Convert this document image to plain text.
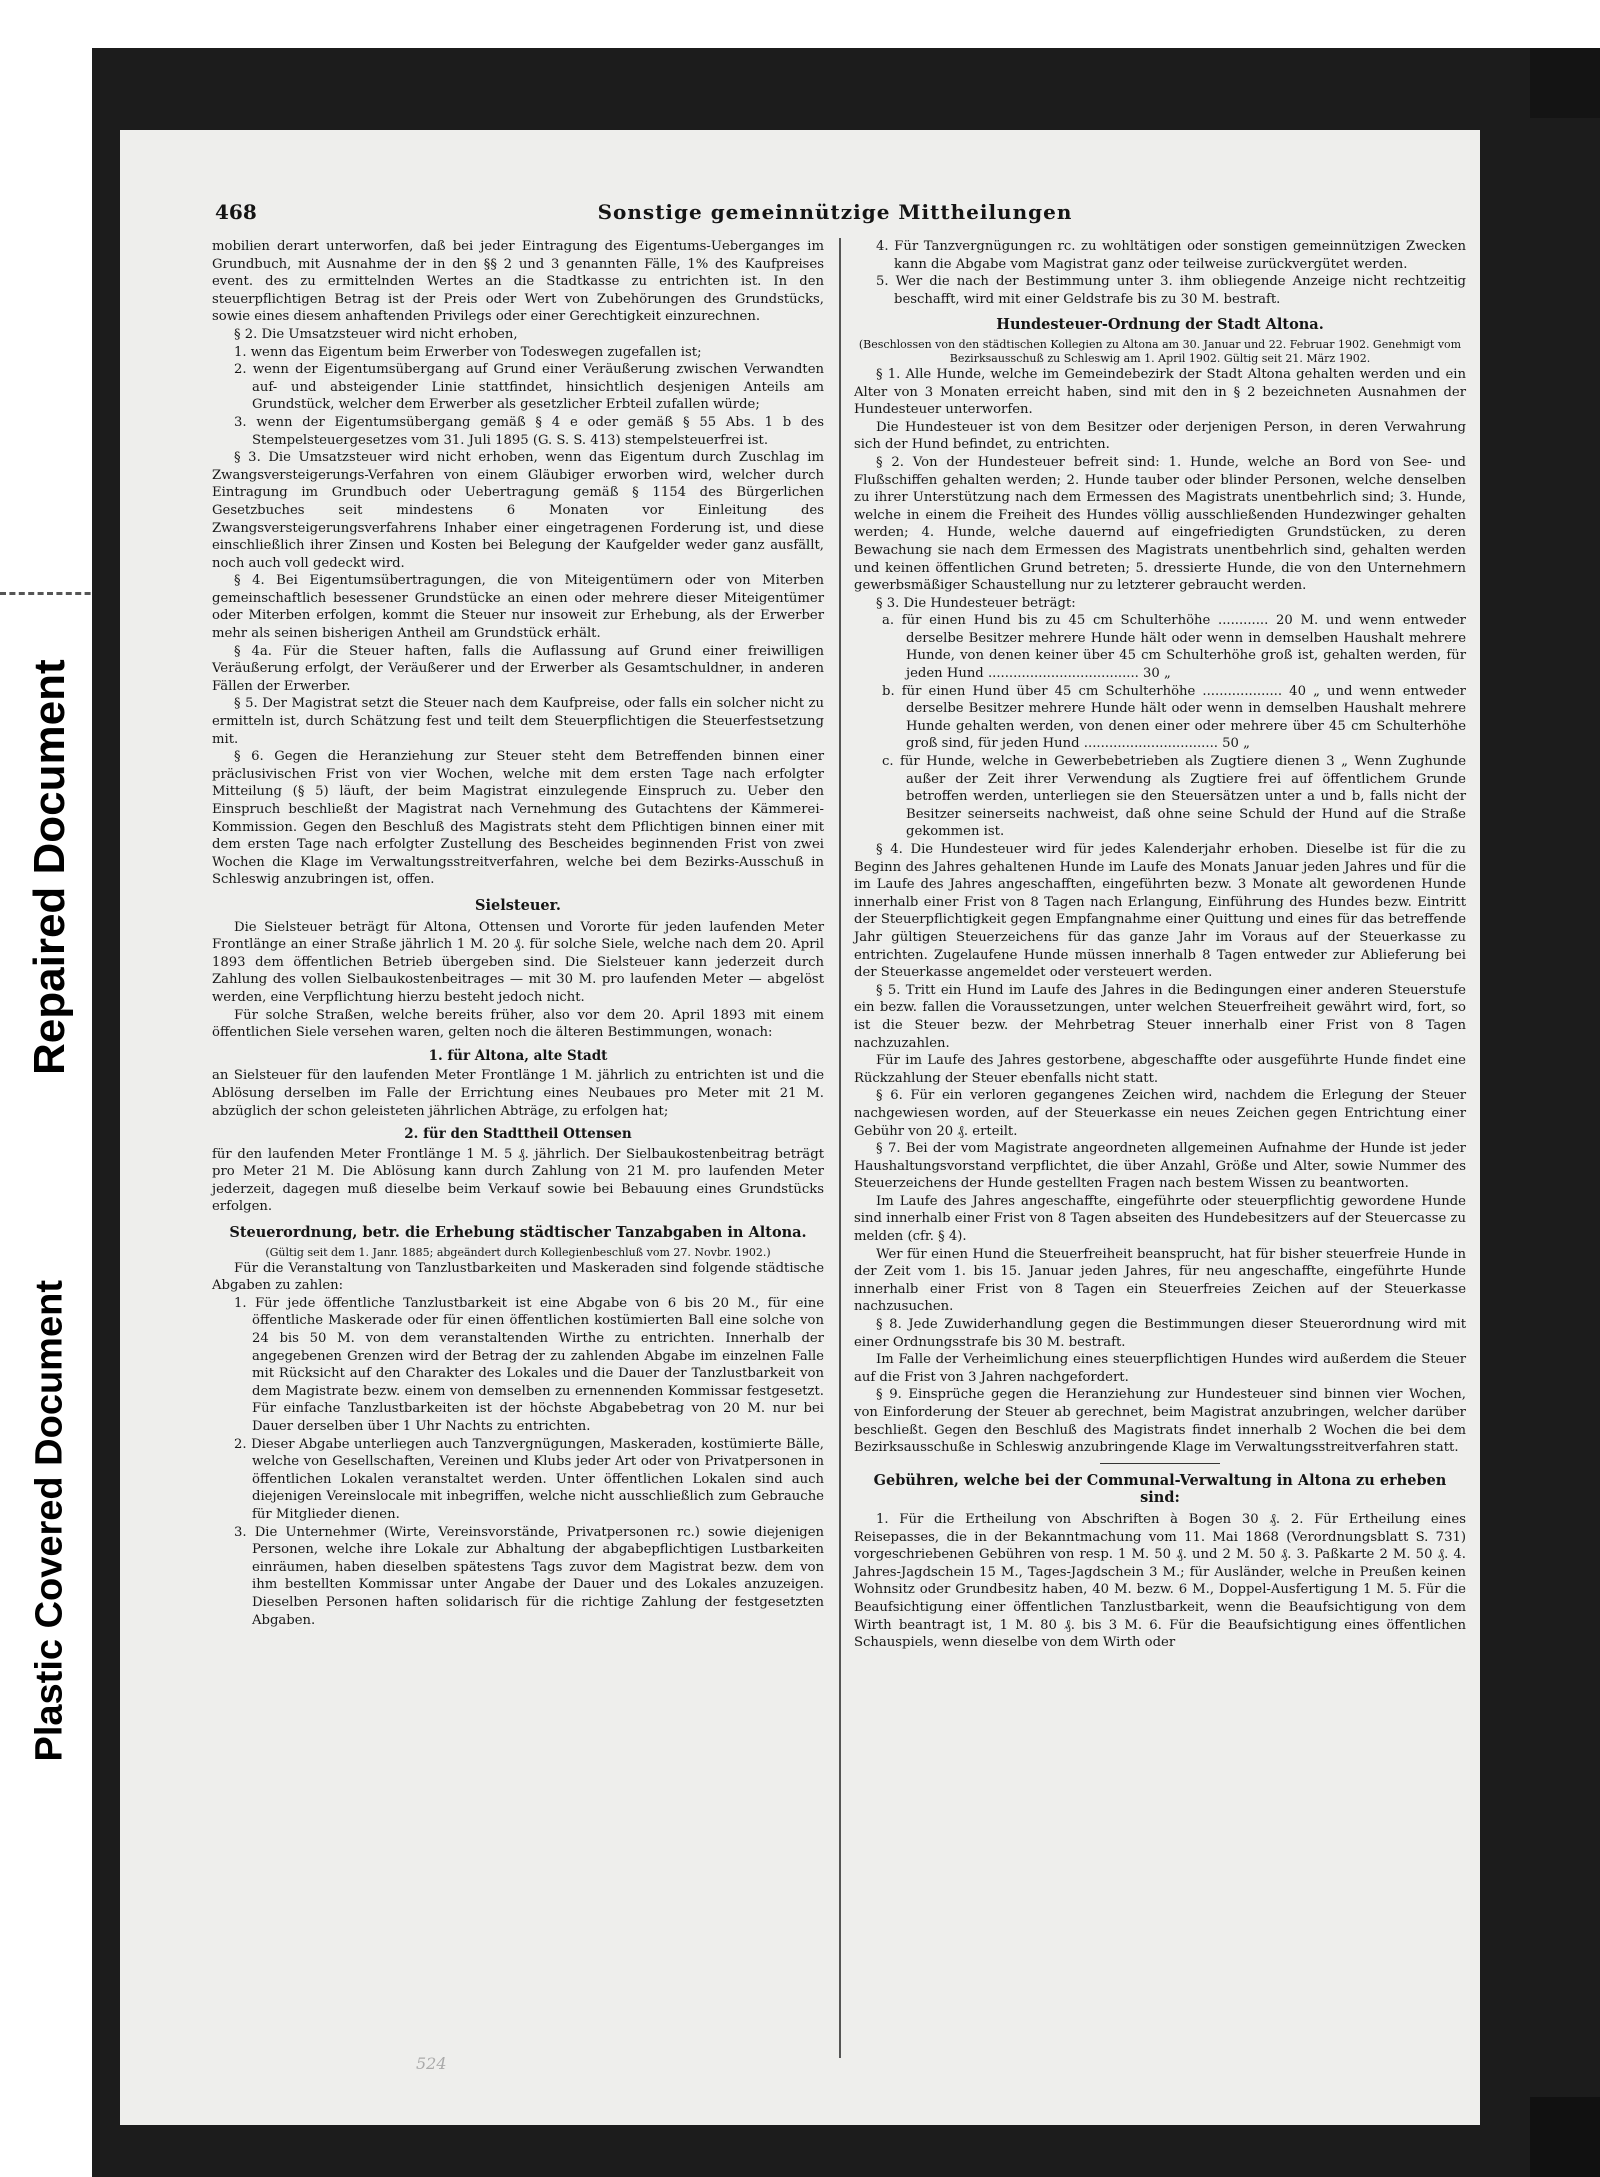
Repaired Document
Plastic Covered Document
Sonstige gemeinnützige Mittheilungen
468

mobilien derart unterworfen, daß bei jeder Eintragung des Eigentums-Ueberganges im Grundbuch, mit Ausnahme der in den §§ 2 und 3 genannten Fälle, 1% des Kaufpreises event. des zu ermittelnden Wertes an die Stadtkasse zu entrichten ist. In den steuerpflichtigen Betrag ist der Preis oder Wert von Zubehörungen des Grundstücks, sowie eines diesem anhaftenden Privilegs oder einer Gerechtigkeit einzurechnen.

§ 2. Die Umsatzsteuer wird nicht erhoben,

1. wenn das Eigentum beim Erwerber von Todeswegen zugefallen ist;

2. wenn der Eigentumsübergang auf Grund einer Veräußerung zwischen Verwandten auf- und absteigender Linie stattfindet, hinsichtlich desjenigen Anteils am Grundstück, welcher dem Erwerber als gesetzlicher Erbteil zufallen würde;

3. wenn der Eigentumsübergang gemäß § 4 e oder gemäß § 55 Abs. 1 b des Stempelsteuergesetzes vom 31. Juli 1895 (G. S. S. 413) stempelsteuerfrei ist.

§ 3. Die Umsatzsteuer wird nicht erhoben, wenn das Eigentum durch Zuschlag im Zwangsversteigerungs-Verfahren von einem Gläubiger erworben wird, welcher durch Eintragung im Grundbuch oder Uebertragung gemäß § 1154 des Bürgerlichen Gesetzbuches seit mindestens 6 Monaten vor Einleitung des Zwangsversteigerungsverfahrens Inhaber einer eingetragenen Forderung ist, und diese einschließlich ihrer Zinsen und Kosten bei Belegung der Kaufgelder weder ganz ausfällt, noch auch voll gedeckt wird.

§ 4. Bei Eigentumsübertragungen, die von Miteigentümern oder von Miterben gemeinschaftlich besessener Grundstücke an einen oder mehrere dieser Miteigentümer oder Miterben erfolgen, kommt die Steuer nur insoweit zur Erhebung, als der Erwerber mehr als seinen bisherigen Antheil am Grundstück erhält.

§ 4a. Für die Steuer haften, falls die Auflassung auf Grund einer freiwilligen Veräußerung erfolgt, der Veräußerer und der Erwerber als Gesamtschuldner, in anderen Fällen der Erwerber.

§ 5. Der Magistrat setzt die Steuer nach dem Kaufpreise, oder falls ein solcher nicht zu ermitteln ist, durch Schätzung fest und teilt dem Steuerpflichtigen die Steuerfestsetzung mit.

§ 6. Gegen die Heranziehung zur Steuer steht dem Betreffenden binnen einer präclusivischen Frist von vier Wochen, welche mit dem ersten Tage nach erfolgter Mitteilung (§ 5) läuft, der beim Magistrat einzulegende Einspruch zu. Ueber den Einspruch beschließt der Magistrat nach Vernehmung des Gutachtens der Kämmerei-Kommission. Gegen den Beschluß des Magistrats steht dem Pflichtigen binnen einer mit dem ersten Tage nach erfolgter Zustellung des Bescheides beginnenden Frist von zwei Wochen die Klage im Verwaltungsstreitverfahren, welche bei dem Bezirks-Ausschuß in Schleswig anzubringen ist, offen.

Sielsteuer.

Die Sielsteuer beträgt für Altona, Ottensen und Vororte für jeden laufenden Meter Frontlänge an einer Straße jährlich 1 M. 20 ₰. für solche Siele, welche nach dem 20. April 1893 dem öffentlichen Betrieb übergeben sind. Die Sielsteuer kann jederzeit durch Zahlung des vollen Sielbaukostenbeitrages — mit 30 M. pro laufenden Meter — abgelöst werden, eine Verpflichtung hierzu besteht jedoch nicht.

Für solche Straßen, welche bereits früher, also vor dem 20. April 1893 mit einem öffentlichen Siele versehen waren, gelten noch die älteren Bestimmungen, wonach:

1. für Altona, alte Stadt

an Sielsteuer für den laufenden Meter Frontlänge 1 M. jährlich zu entrichten ist und die Ablösung derselben im Falle der Errichtung eines Neubaues pro Meter mit 21 M. abzüglich der schon geleisteten jährlichen Abträge, zu erfolgen hat;

2. für den Stadttheil Ottensen

für den laufenden Meter Frontlänge 1 M. 5 ₰. jährlich. Der Sielbaukostenbeitrag beträgt pro Meter 21 M. Die Ablösung kann durch Zahlung von 21 M. pro laufenden Meter jederzeit, dagegen muß dieselbe beim Verkauf sowie bei Bebauung eines Grundstücks erfolgen.

Steuerordnung, betr. die Erhebung städtischer Tanzabgaben in Altona.

(Gültig seit dem 1. Janr. 1885; abgeändert durch Kollegienbeschluß vom 27. Novbr. 1902.)

Für die Veranstaltung von Tanzlustbarkeiten und Maskeraden sind folgende städtische Abgaben zu zahlen:

1. Für jede öffentliche Tanzlustbarkeit ist eine Abgabe von 6 bis 20 M., für eine öffentliche Maskerade oder für einen öffentlichen kostümierten Ball eine solche von 24 bis 50 M. von dem veranstaltenden Wirthe zu entrichten. Innerhalb der angegebenen Grenzen wird der Betrag der zu zahlenden Abgabe im einzelnen Falle mit Rücksicht auf den Charakter des Lokales und die Dauer der Tanzlustbarkeit von dem Magistrate bezw. einem von demselben zu ernennenden Kommissar festgesetzt. Für einfache Tanzlustbarkeiten ist der höchste Abgabebetrag von 20 M. nur bei Dauer derselben über 1 Uhr Nachts zu entrichten.

2. Dieser Abgabe unterliegen auch Tanzvergnügungen, Maskeraden, kostümierte Bälle, welche von Gesellschaften, Vereinen und Klubs jeder Art oder von Privatpersonen in öffentlichen Lokalen veranstaltet werden. Unter öffentlichen Lokalen sind auch diejenigen Vereinslocale mit inbegriffen, welche nicht ausschließlich zum Gebrauche für Mitglieder dienen.

3. Die Unternehmer (Wirte, Vereinsvorstände, Privatpersonen rc.) sowie diejenigen Personen, welche ihre Lokale zur Abhaltung der abgabepflichtigen Lustbarkeiten einräumen, haben dieselben spätestens Tags zuvor dem Magistrat bezw. dem von ihm bestellten Kommissar unter Angabe der Dauer und des Lokales anzuzeigen. Dieselben Personen haften solidarisch für die richtige Zahlung der festgesetzten Abgaben.

4. Für Tanzvergnügungen rc. zu wohltätigen oder sonstigen gemeinnützigen Zwecken kann die Abgabe vom Magistrat ganz oder teilweise zurückvergütet werden.

5. Wer die nach der Bestimmung unter 3. ihm obliegende Anzeige nicht rechtzeitig beschafft, wird mit einer Geldstrafe bis zu 30 M. bestraft.

Hundesteuer-Ordnung der Stadt Altona.

(Beschlossen von den städtischen Kollegien zu Altona am 30. Januar und 22. Februar 1902. Genehmigt vom Bezirksausschuß zu Schleswig am 1. April 1902. Gültig seit 21. März 1902.

§ 1. Alle Hunde, welche im Gemeindebezirk der Stadt Altona gehalten werden und ein Alter von 3 Monaten erreicht haben, sind mit den in § 2 bezeichneten Ausnahmen der Hundesteuer unterworfen.

Die Hundesteuer ist von dem Besitzer oder derjenigen Person, in deren Verwahrung sich der Hund befindet, zu entrichten.

§ 2. Von der Hundesteuer befreit sind: 1. Hunde, welche an Bord von See- und Flußschiffen gehalten werden; 2. Hunde tauber oder blinder Personen, welche denselben zu ihrer Unterstützung nach dem Ermessen des Magistrats unentbehrlich sind; 3. Hunde, welche in einem die Freiheit des Hundes völlig ausschließenden Hundezwinger gehalten werden; 4. Hunde, welche dauernd auf eingefriedigten Grundstücken, zu deren Bewachung sie nach dem Ermessen des Magistrats unentbehrlich sind, gehalten werden und keinen öffentlichen Grund betreten; 5. dressierte Hunde, die von den Unternehmern gewerbsmäßiger Schaustellung nur zu letzterer gebraucht werden.

§ 3. Die Hundesteuer beträgt:

a. für einen Hund bis zu 45 cm Schulterhöhe ............ 20 M. und wenn entweder derselbe Besitzer mehrere Hunde hält oder wenn in demselben Haushalt mehrere Hunde, von denen keiner über 45 cm Schulterhöhe groß ist, gehalten werden, für jeden Hund .................................... 30 „

b. für einen Hund über 45 cm Schulterhöhe ................... 40 „ und wenn entweder derselbe Besitzer mehrere Hunde hält oder wenn in demselben Haushalt mehrere Hunde gehalten werden, von denen einer oder mehrere über 45 cm Schulterhöhe groß sind, für jeden Hund ................................ 50 „

c. für Hunde, welche in Gewerbebetrieben als Zugtiere dienen 3 „ Wenn Zughunde außer der Zeit ihrer Verwendung als Zugtiere frei auf öffentlichem Grunde betroffen werden, unterliegen sie den Steuersätzen unter a und b, falls nicht der Besitzer seinerseits nachweist, daß ohne seine Schuld der Hund auf die Straße gekommen ist.

§ 4. Die Hundesteuer wird für jedes Kalenderjahr erhoben. Dieselbe ist für die zu Beginn des Jahres gehaltenen Hunde im Laufe des Monats Januar jeden Jahres und für die im Laufe des Jahres angeschafften, eingeführten bezw. 3 Monate alt gewordenen Hunde innerhalb einer Frist von 8 Tagen nach Erlangung, Einführung des Hundes bezw. Eintritt der Steuerpflichtigkeit gegen Empfangnahme einer Quittung und eines für das betreffende Jahr gültigen Steuerzeichens für das ganze Jahr im Voraus auf der Steuerkasse zu entrichten. Zugelaufene Hunde müssen innerhalb 8 Tagen entweder zur Ablieferung bei der Steuerkasse angemeldet oder versteuert werden.

§ 5. Tritt ein Hund im Laufe des Jahres in die Bedingungen einer anderen Steuerstufe ein bezw. fallen die Voraussetzungen, unter welchen Steuerfreiheit gewährt wird, fort, so ist die Steuer bezw. der Mehrbetrag Steuer innerhalb einer Frist von 8 Tagen nachzuzahlen.

Für im Laufe des Jahres gestorbene, abgeschaffte oder ausgeführte Hunde findet eine Rückzahlung der Steuer ebenfalls nicht statt.

§ 6. Für ein verloren gegangenes Zeichen wird, nachdem die Erlegung der Steuer nachgewiesen worden, auf der Steuerkasse ein neues Zeichen gegen Entrichtung einer Gebühr von 20 ₰. erteilt.

§ 7. Bei der vom Magistrate angeordneten allgemeinen Aufnahme der Hunde ist jeder Haushaltungsvorstand verpflichtet, die über Anzahl, Größe und Alter, sowie Nummer des Steuerzeichens der Hunde gestellten Fragen nach bestem Wissen zu beantworten.

Im Laufe des Jahres angeschaffte, eingeführte oder steuerpflichtig gewordene Hunde sind innerhalb einer Frist von 8 Tagen abseiten des Hundebesitzers auf der Steuercasse zu melden (cfr. § 4).

Wer für einen Hund die Steuerfreiheit beansprucht, hat für bisher steuerfreie Hunde in der Zeit vom 1. bis 15. Januar jeden Jahres, für neu angeschaffte, eingeführte Hunde innerhalb einer Frist von 8 Tagen ein Steuerfreies Zeichen auf der Steuerkasse nachzusuchen.

§ 8. Jede Zuwiderhandlung gegen die Bestimmungen dieser Steuerordnung wird mit einer Ordnungsstrafe bis 30 M. bestraft.

Im Falle der Verheimlichung eines steuerpflichtigen Hundes wird außerdem die Steuer auf die Frist von 3 Jahren nachgefordert.

§ 9. Einsprüche gegen die Heranziehung zur Hundesteuer sind binnen vier Wochen, von Einforderung der Steuer ab gerechnet, beim Magistrat anzubringen, welcher darüber beschließt. Gegen den Beschluß des Magistrats findet innerhalb 2 Wochen die bei dem Bezirksausschuße in Schleswig anzubringende Klage im Verwaltungsstreitverfahren statt.

Gebühren, welche bei der Communal-Verwaltung in Altona zu erheben sind:

1. Für die Ertheilung von Abschriften à Bogen 30 ₰. 2. Für Ertheilung eines Reisepasses, die in der Bekanntmachung vom 11. Mai 1868 (Verordnungsblatt S. 731) vorgeschriebenen Gebühren von resp. 1 M. 50 ₰. und 2 M. 50 ₰. 3. Paßkarte 2 M. 50 ₰. 4. Jahres-Jagdschein 15 M., Tages-Jagdschein 3 M.; für Ausländer, welche in Preußen keinen Wohnsitz oder Grundbesitz haben, 40 M. bezw. 6 M., Doppel-Ausfertigung 1 M. 5. Für die Beaufsichtigung einer öffentlichen Tanzlustbarkeit, wenn die Beaufsichtigung von dem Wirth beantragt ist, 1 M. 80 ₰. bis 3 M. 6. Für die Beaufsichtigung eines öffentlichen Schauspiels, wenn dieselbe von dem Wirth oder

524
